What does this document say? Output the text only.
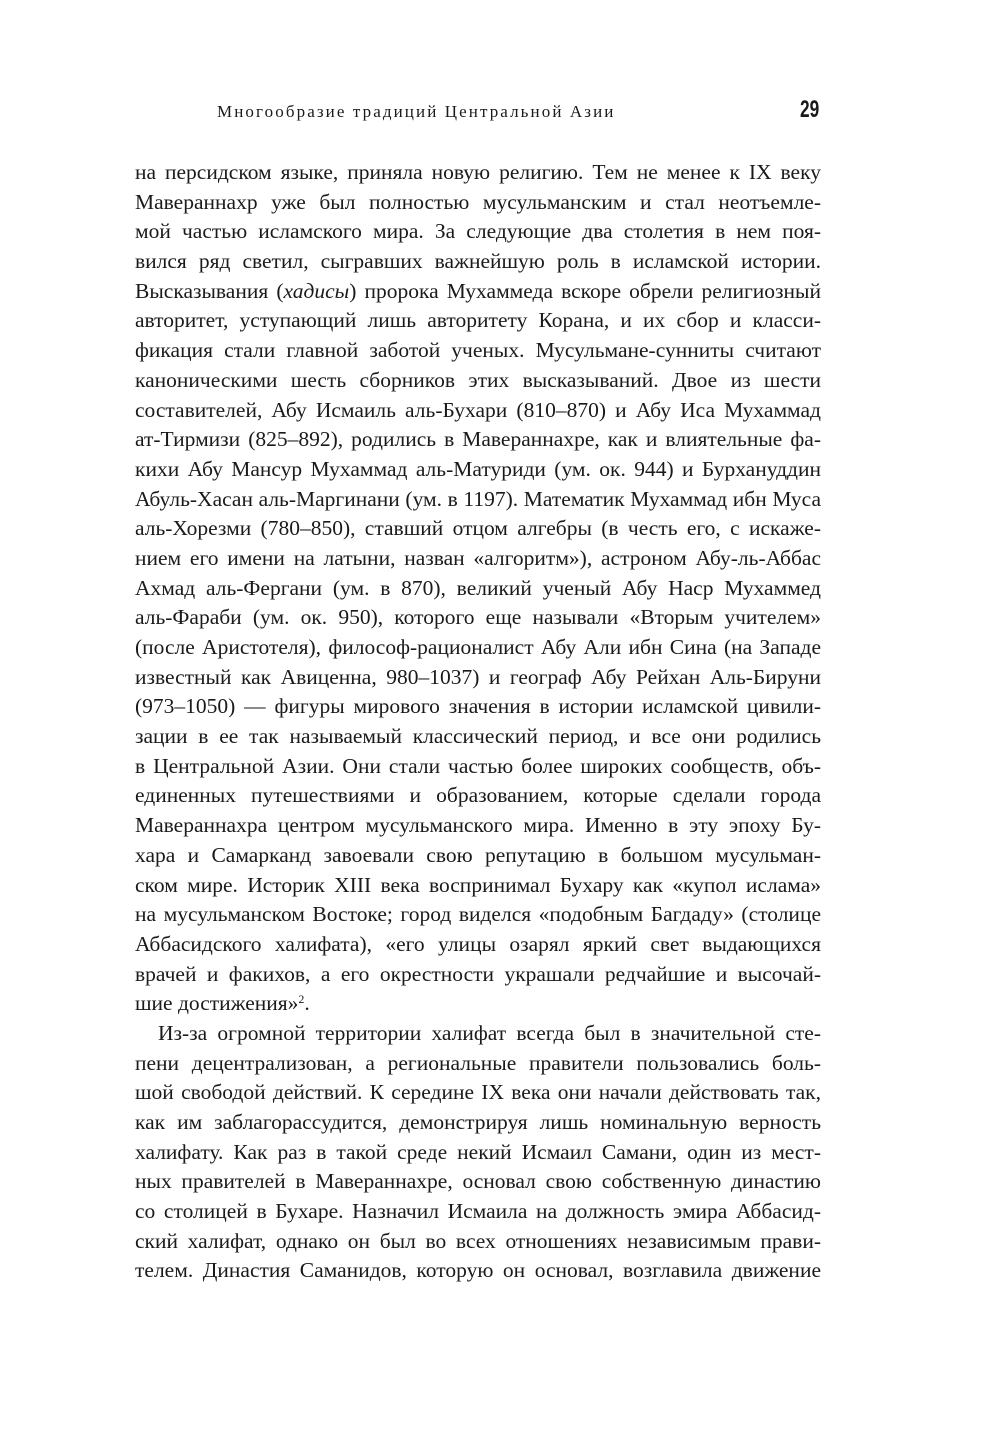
Многообразие традиций Центральной Азии	29
на персидском языке, приняла новую религию. Тем не менее к IX веку
Мавераннахр уже был полностью мусульманским и стал неотъемле-
мой частью исламского мира. За следующие два столетия в нем поя-
вился ряд светил, сыгравших важнейшую роль в исламской истории.
Высказывания (хадисы) пророка Мухаммеда вскоре обрели религиозный
авторитет, уступающий лишь авторитету Корана, и их сбор и класси-
фикация стали главной заботой ученых. Мусульмане-сунниты считают
каноническими шесть сборников этих высказываний. Двое из шести
составителей, Абу Исмаиль аль-Бухари (810–870) и Абу Иса Мухаммад
ат-Тирмизи (825–892), родились в Мавераннахре, как и влиятельные фа-
кихи Абу Мансур Мухаммад аль-Матуриди (ум. ок. 944) и Бурхануддин
Абуль-Хасан аль-Маргинани (ум. в 1197). Математик Мухаммад ибн Муса
аль-Хорезми (780–850), ставший отцом алгебры (в честь его, с искаже-
нием его имени на латыни, назван «алгоритм»), астроном Абу-ль-Аббас
Ахмад аль-Фергани (ум. в 870), великий ученый Абу Наср Мухаммед
аль-Фараби (ум. ок. 950), которого еще называли «Вторым учителем»
(после Аристотеля), философ-рационалист Абу Али ибн Сина (на Западе
известный как Авиценна, 980–1037) и географ Абу Рейхан Аль-Бируни
(973–1050) — фигуры мирового значения в истории исламской цивили-
зации в ее так называемый классический период, и все они родились
в Центральной Азии. Они стали частью более широких сообществ, объ-
единенных путешествиями и образованием, которые сделали города
Мавераннахра центром мусульманского мира. Именно в эту эпоху Бу-
хара и Самарканд завоевали свою репутацию в большом мусульман-
ском мире. Историк XIII века воспринимал Бухару как «купол ислама»
на мусульманском Востоке; город виделся «подобным Багдаду» (столице
Аббасидского халифата), «его улицы озарял яркий свет выдающихся
врачей и факихов, а его окрестности украшали редчайшие и высочай-
шие достижения»$^2$.
Из-за огромной территории халифат всегда был в значительной сте-
пени децентрализован, а региональные правители пользовались боль-
шой свободой действий. К середине IX века они начали действовать так,
как им заблагорассудится, демонстрируя лишь номинальную верность
халифату. Как раз в такой среде некий Исмаил Самани, один из мест-
ных правителей в Мавераннахре, основал свою собственную династию
со столицей в Бухаре. Назначил Исмаила на должность эмира Аббасид-
ский халифат, однако он был во всех отношениях независимым прави-
телем. Династия Саманидов, которую он основал, возглавила движение
